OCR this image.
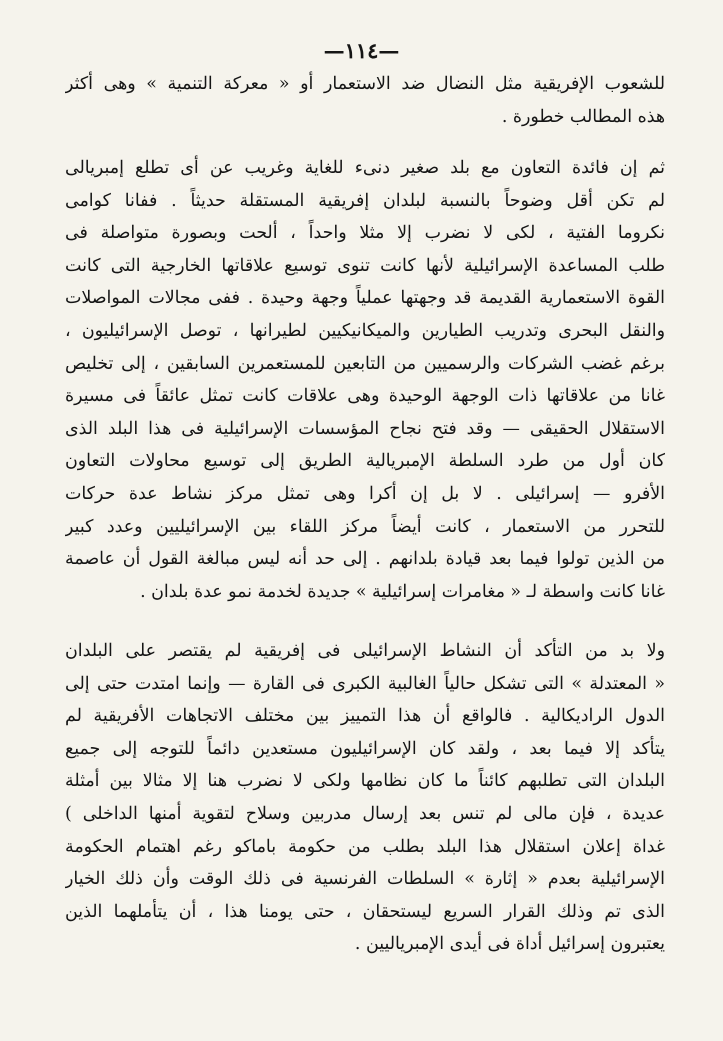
—١١٤—
للشعوب الإفريقية مثل النضال ضد الاستعمار أو « معركة التنمية » وهى أكثر
هذه المطالب خطورة .
ثم إن فائدة التعاون مع بلد صغير دنىء للغاية وغريب عن أى تطلع إمبريالى
لم تكن أقل وضوحاً بالنسبة لبلدان إفريقية المستقلة حديثاً . ففانا كوامى
نكروما الفتية ، لكى لا نضرب إلا مثلا واحداً ، ألحت وبصورة متواصلة فى
طلب المساعدة الإسرائيلية لأنها كانت تنوى توسيع علاقاتها الخارجية التى كانت
القوة الاستعمارية القديمة قد وجهتها عملياً وجهة وحيدة . ففى مجالات المواصلات
والنقل البحرى وتدريب الطيارين والميكانيكيين لطيرانها ، توصل الإسرائيليون ،
برغم غضب الشركات والرسميين من التابعين للمستعمرين السابقين ، إلى تخليص
غانا من علاقاتها ذات الوجهة الوحيدة وهى علاقات كانت تمثل عائقاً فى مسيرة
الاستقلال الحقيقى — وقد فتح نجاح المؤسسات الإسرائيلية فى هذا البلد الذى
كان أول من طرد السلطة الإمبريالية الطريق إلى توسيع محاولات التعاون
الأفرو — إسرائيلى . لا بل إن أكرا وهى تمثل مركز نشاط عدة حركات
للتحرر من الاستعمار ، كانت أيضاً مركز اللقاء بين الإسرائيليين وعدد كبير
من الذين تولوا فيما بعد قيادة بلدانهم . إلى حد أنه ليس مبالغة القول أن عاصمة
غانا كانت واسطة لـ « مغامرات إسرائيلية » جديدة لخدمة نمو عدة بلدان .
ولا بد من التأكد أن النشاط الإسرائيلى فى إفريقية لم يقتصر على البلدان
« المعتدلة » التى تشكل حالياً الغالبية الكبرى فى القارة — وإنما امتدت حتى إلى
الدول الراديكالية . فالواقع أن هذا التمييز بين مختلف الاتجاهات الأفريقية لم
يتأكد إلا فيما بعد ، ولقد كان الإسرائيليون مستعدين دائماً للتوجه إلى جميع
البلدان التى تطلبهم كائناً ما كان نظامها ولكى لا نضرب هنا إلا مثالا بين أمثلة
عديدة ، فإن مالى لم تنس بعد إرسال مدربين وسلاح لتقوية أمنها الداخلى )
غداة إعلان استقلال هذا البلد بطلب من حكومة باماكو رغم اهتمام الحكومة
الإسرائيلية بعدم « إثارة » السلطات الفرنسية فى ذلك الوقت وأن ذلك الخيار
الذى تم وذلك القرار السريع ليستحقان ، حتى يومنا هذا ، أن يتأملهما الذين
يعتبرون إسرائيل أداة فى أيدى الإمبرياليين .
